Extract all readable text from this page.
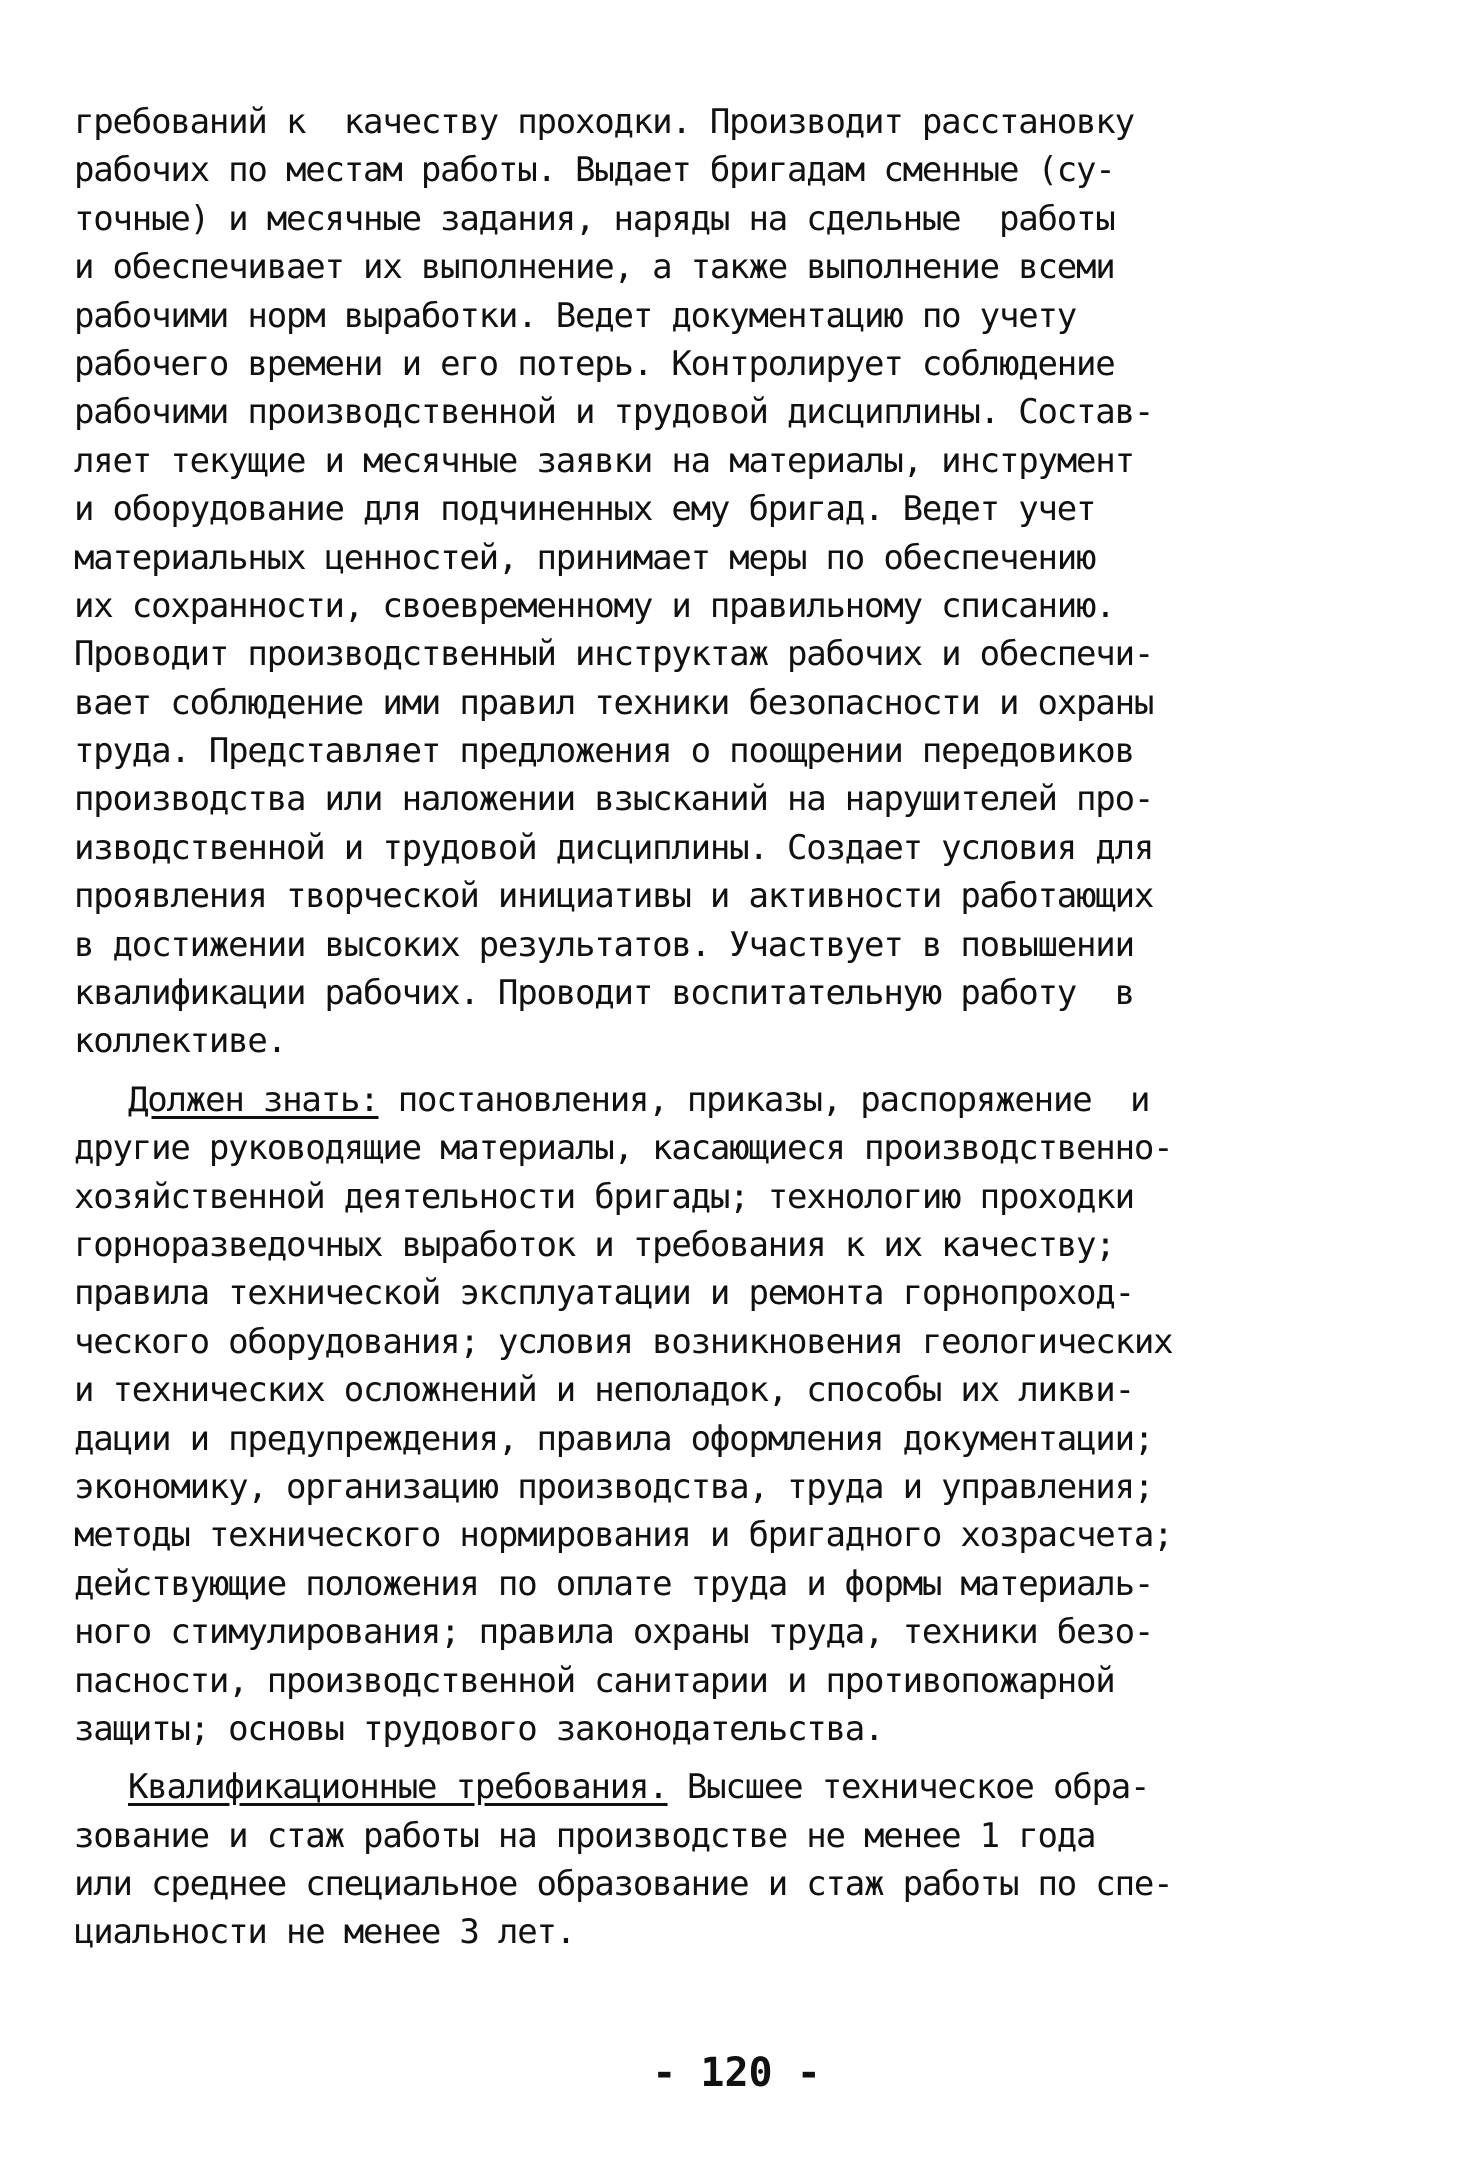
гребований к  качеству проходки. Производит расстановку
рабочих по местам работы. Выдает бригадам сменные (су-
точные) и месячные задания, наряды на сдельные  работы
и обеспечивает их выполнение, а также выполнение всеми
рабочими норм выработки. Ведет документацию по учету
рабочего времени и его потерь. Контролирует соблюдение
рабочими производственной и трудовой дисциплины. Состав-
ляет текущие и месячные заявки на материалы, инструмент
и оборудование для подчиненных ему бригад. Ведет учет
материальных ценностей, принимает меры по обеспечению
их сохранности, своевременному и правильному списанию.
Проводит производственный инструктаж рабочих и обеспечи-
вает соблюдение ими правил техники безопасности и охраны
труда. Представляет предложения о поощрении передовиков
производства или наложении взысканий на нарушителей про-
изводственной и трудовой дисциплины. Создает условия для
проявления творческой инициативы и активности работающих
в достижении высоких результатов. Участвует в повышении
квалификации рабочих. Проводит воспитательную работу  в
коллективе.
Должен знать: постановления, приказы, распоряжение  и
другие руководящие материалы, касающиеся производственно-
хозяйственной деятельности бригады; технологию проходки
горноразведочных выработок и требования к их качеству;
правила технической эксплуатации и ремонта горнопроход-
ческого оборудования; условия возникновения геологических
и технических осложнений и неполадок, способы их ликви-
дации и предупреждения, правила оформления документации;
экономику, организацию производства, труда и управления;
методы технического нормирования и бригадного хозрасчета;
действующие положения по оплате труда и формы материаль-
ного стимулирования; правила охраны труда, техники безо-
пасности, производственной санитарии и противопожарной
защиты; основы трудового законодательства.
Квалификационные требования. Высшее техническое обра-
зование и стаж работы на производстве не менее 1 года
или среднее специальное образование и стаж работы по спе-
циальности не менее 3 лет.
- 120 -
